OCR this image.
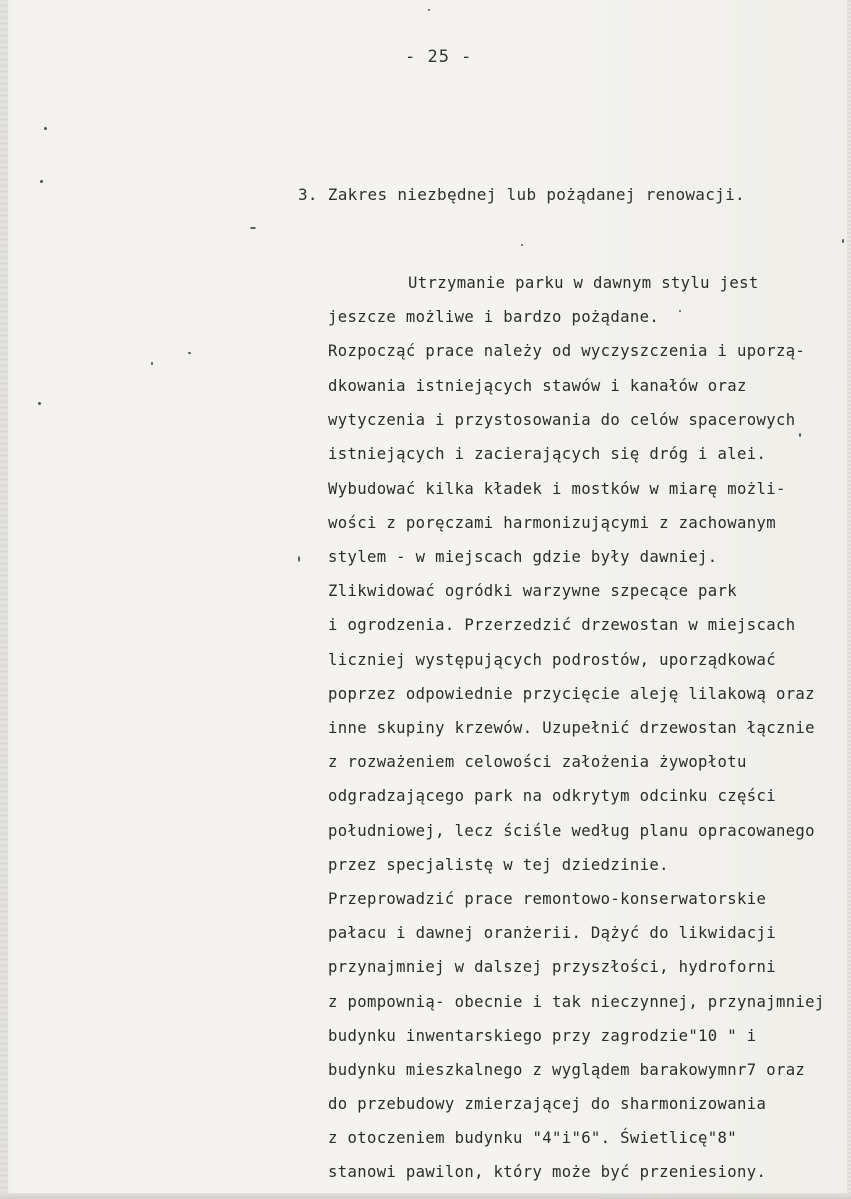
- 25 -
3. Zakres niezbędnej lub pożądanej renowacji.
Utrzymanie parku w dawnym stylu jest
jeszcze możliwe i bardzo pożądane.
Rozpocząć prace należy od wyczyszczenia i uporzą-
dkowania istniejących stawów i kanałów oraz
wytyczenia i przystosowania do celów spacerowych
istniejących i zacierających się dróg i alei.
Wybudować kilka kładek i mostków w miarę możli-
wości z poręczami harmonizującymi z zachowanym
stylem - w miejscach gdzie były dawniej.
Zlikwidować ogródki warzywne szpecące park
i ogrodzenia. Przerzedzić drzewostan w miejscach
liczniej występujących podrostów, uporządkować
poprzez odpowiednie przycięcie aleję lilakową oraz
inne skupiny krzewów. Uzupełnić drzewostan łącznie
z rozważeniem celowości założenia żywopłotu
odgradzającego park na odkrytym odcinku części
południowej, lecz ściśle według planu opracowanego
przez specjalistę w tej dziedzinie.
Przeprowadzić prace remontowo-konserwatorskie
pałacu i dawnej oranżerii. Dążyć do likwidacji
przynajmniej w dalszej przyszłości, hydroforni
z pompownią- obecnie i tak nieczynnej, przynajmniej
budynku inwentarskiego przy zagrodzie"10 " i
budynku mieszkalnego z wyglądem barakowymnr7 oraz
do przebudowy zmierzającej do sharmonizowania
z otoczeniem budynku "4"i"6". Świetlicę"8"
stanowi pawilon, który może być przeniesiony.
